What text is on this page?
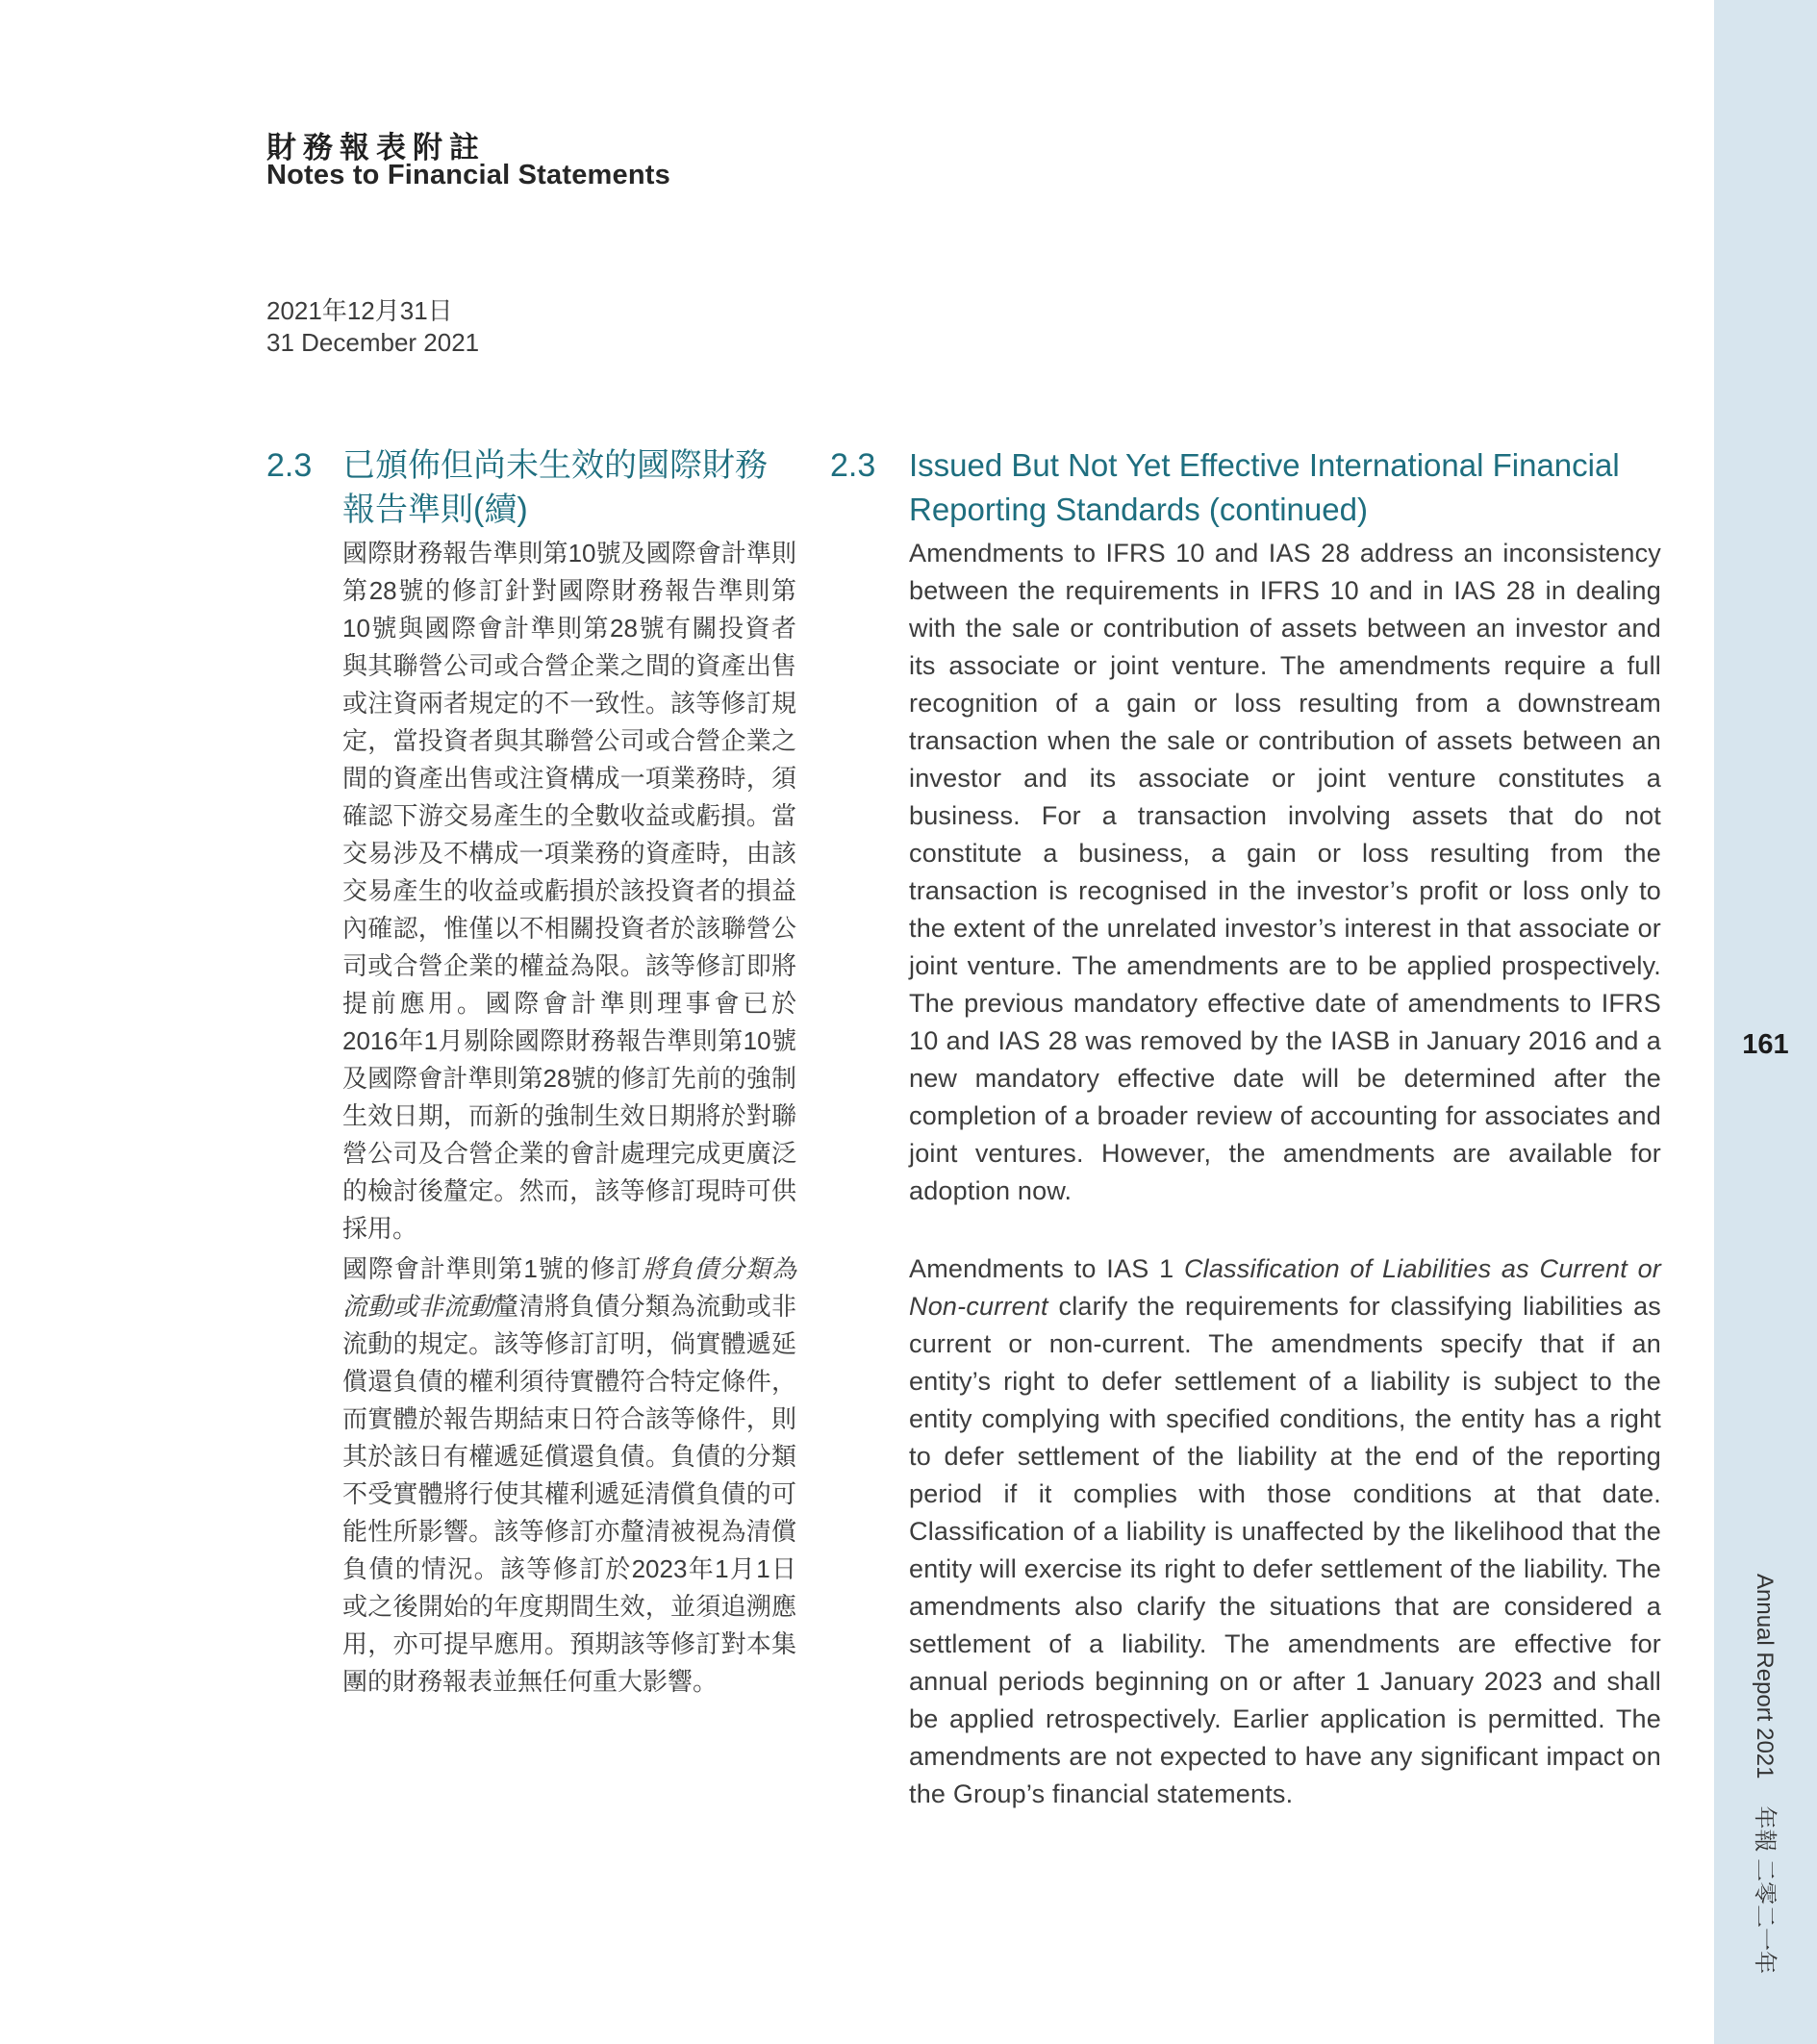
財務報表附註
Notes to Financial Statements
2021年12月31日
31 December 2021
2.3 已頒佈但尚未生效的國際財務
報告準則(續)
國際財務報告準則第10號及國際會計準則第28號的修訂針對國際財務報告準則第10號與國際會計準則第28號有關投資者與其聯營公司或合營企業之間的資產出售或注資兩者規定的不一致性。該等修訂規定，當投資者與其聯營公司或合營企業之間的資產出售或注資構成一項業務時，須確認下游交易產生的全數收益或虧損。當交易涉及不構成一項業務的資產時，由該交易產生的收益或虧損於該投資者的損益內確認，惟僅以不相關投資者於該聯營公司或合營企業的權益為限。該等修訂即將提前應用。國際會計準則理事會已於2016年1月剔除國際財務報告準則第10號及國際會計準則第28號的修訂先前的強制生效日期，而新的強制生效日期將於對聯營公司及合營企業的會計處理完成更廣泛的檢討後釐定。然而，該等修訂現時可供採用。
國際會計準則第1號的修訂將負債分類為流動或非流動釐清將負債分類為流動或非流動的規定。該等修訂訂明，倘實體遞延償還負債的權利須待實體符合特定條件，而實體於報告期結束日符合該等條件，則其於該日有權遞延償還負債。負債的分類不受實體將行使其權利遞延清償負債的可能性所影響。該等修訂亦釐清被視為清償負債的情況。該等修訂於2023年1月1日或之後開始的年度期間生效，並須追溯應用，亦可提早應用。預期該等修訂對本集團的財務報表並無任何重大影響。
2.3 Issued But Not Yet Effective International Financial
Reporting Standards (continued)
Amendments to IFRS 10 and IAS 28 address an inconsistency between the requirements in IFRS 10 and in IAS 28 in dealing with the sale or contribution of assets between an investor and its associate or joint venture. The amendments require a full recognition of a gain or loss resulting from a downstream transaction when the sale or contribution of assets between an investor and its associate or joint venture constitutes a business. For a transaction involving assets that do not constitute a business, a gain or loss resulting from the transaction is recognised in the investor’s profit or loss only to the extent of the unrelated investor’s interest in that associate or joint venture. The amendments are to be applied prospectively. The previous mandatory effective date of amendments to IFRS 10 and IAS 28 was removed by the IASB in January 2016 and a new mandatory effective date will be determined after the completion of a broader review of accounting for associates and joint ventures. However, the amendments are available for adoption now.
Amendments to IAS 1 Classification of Liabilities as Current or Non-current clarify the requirements for classifying liabilities as current or non-current. The amendments specify that if an entity’s right to defer settlement of a liability is subject to the entity complying with specified conditions, the entity has a right to defer settlement of the liability at the end of the reporting period if it complies with those conditions at that date. Classification of a liability is unaffected by the likelihood that the entity will exercise its right to defer settlement of the liability. The amendments also clarify the situations that are considered a settlement of a liability. The amendments are effective for annual periods beginning on or after 1 January 2023 and shall be applied retrospectively. Earlier application is permitted. The amendments are not expected to have any significant impact on the Group’s financial statements.
161
Annual Report 2021年報 二零二一年
